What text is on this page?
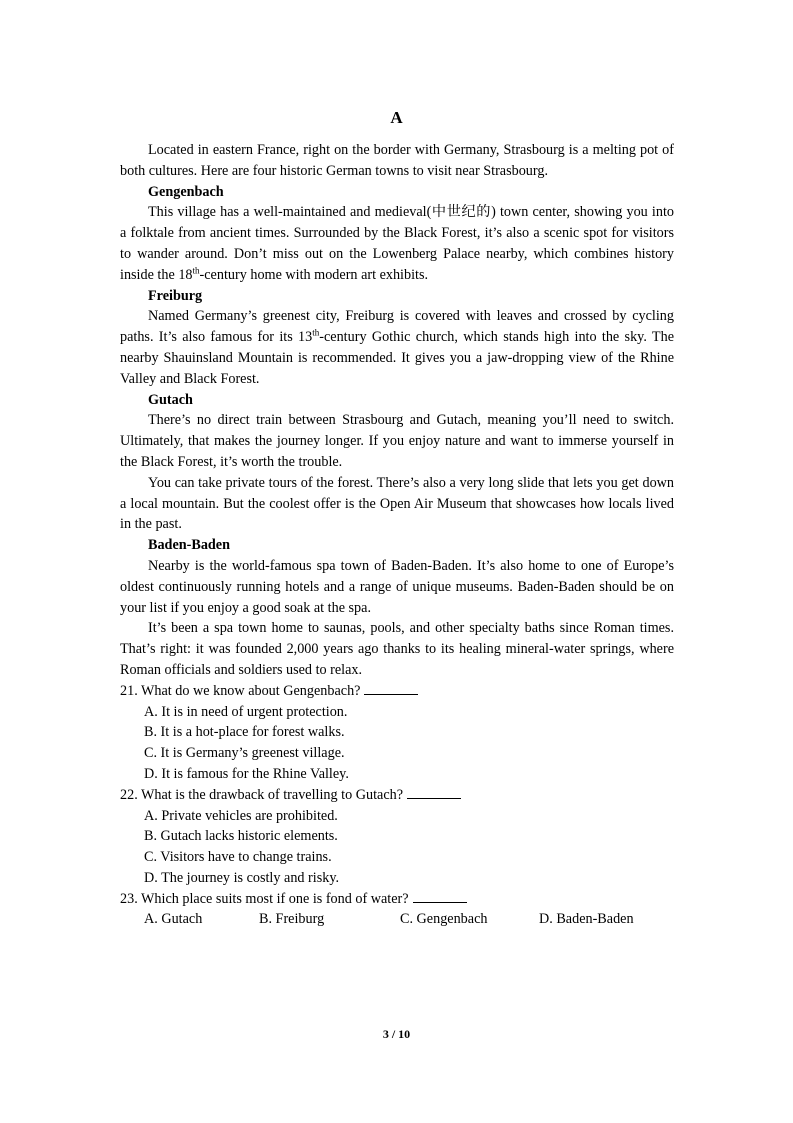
A

Located in eastern France, right on the border with Germany, Strasbourg is a melting pot of both cultures. Here are four historic German towns to visit near Strasbourg.

Gengenbach

This village has a well-maintained and medieval(中世纪的) town center, showing you into a folktale from ancient times. Surrounded by the Black Forest, it’s also a scenic spot for visitors to wander around. Don’t miss out on the Lowenberg Palace nearby, which combines history inside the 18th-century home with modern art exhibits.

Freiburg

Named Germany’s greenest city, Freiburg is covered with leaves and crossed by cycling paths. It’s also famous for its 13th-century Gothic church, which stands high into the sky. The nearby Shauinsland Mountain is recommended. It gives you a jaw-dropping view of the Rhine Valley and Black Forest.

Gutach

There’s no direct train between Strasbourg and Gutach, meaning you’ll need to switch. Ultimately, that makes the journey longer. If you enjoy nature and want to immerse yourself in the Black Forest, it’s worth the trouble.

You can take private tours of the forest. There’s also a very long slide that lets you get down a local mountain. But the coolest offer is the Open Air Museum that showcases how locals lived in the past.

Baden-Baden

Nearby is the world-famous spa town of Baden-Baden. It’s also home to one of Europe’s oldest continuously running hotels and a range of unique museums. Baden-Baden should be on your list if you enjoy a good soak at the spa.

It’s been a spa town home to saunas, pools, and other specialty baths since Roman times. That’s right: it was founded 2,000 years ago thanks to its healing mineral-water springs, where Roman officials and soldiers used to relax.

21. What do we know about Gengenbach?

A. It is in need of urgent protection.

B. It is a hot-place for forest walks.

C. It is Germany’s greenest village.

D. It is famous for the Rhine Valley.

22. What is the drawback of travelling to Gutach?

A. Private vehicles are prohibited.

B. Gutach lacks historic elements.

C. Visitors have to change trains.

D. The journey is costly and risky.

23. Which place suits most if one is fond of water?

A. Gutach	B. Freiburg	C. Gengenbach	D. Baden-Baden
3 / 10
